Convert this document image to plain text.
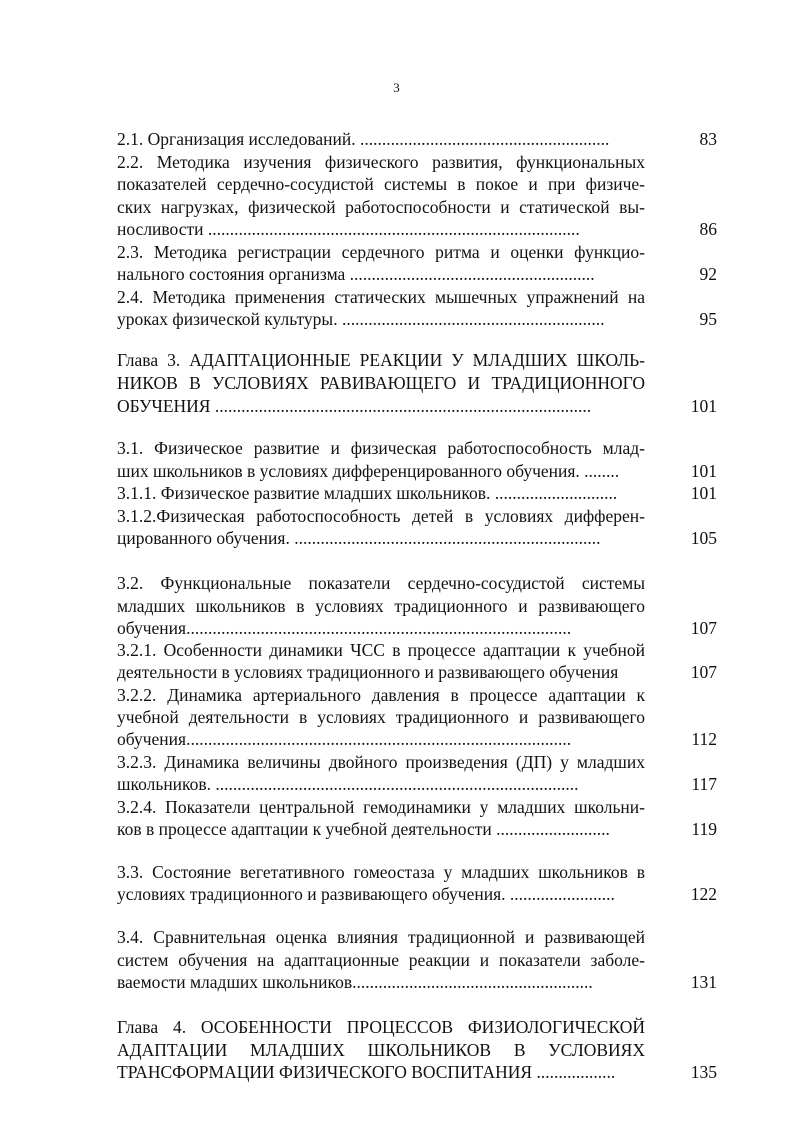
3
2.1. Организация исследований. .........................................................	83
2.2. Методика изучения физического развития, функциональных
показателей сердечно-сосудистой системы в покое и при физиче-
ских нагрузках, физической работоспособности и статической вы-
носливости .....................................................................................	86
2.3. Методика регистрации сердечного ритма и оценки функцио-
нального состояния организма ........................................................	92
2.4. Методика применения статических мышечных упражнений на
уроках физической культуры. ............................................................	95
Глава 3. АДАПТАЦИОННЫЕ РЕАКЦИИ У МЛАДШИХ ШКОЛЬ-
НИКОВ В УСЛОВИЯХ РАВИВАЮЩЕГО И ТРАДИЦИОННОГО
ОБУЧЕНИЯ ......................................................................................	101
3.1. Физическое развитие и физическая работоспособность млад-
ших школьников в условиях дифференцированного обучения. ........	101
3.1.1. Физическое развитие младших школьников. ............................	101
3.1.2.Физическая работоспособность детей в условиях дифферен-
цированного обучения. ......................................................................	105
3.2. Функциональные показатели сердечно-сосудистой системы
младших школьников в условиях традиционного и развивающего
обучения........................................................................................	107
3.2.1. Особенности динамики ЧСС в процессе адаптации к учебной
деятельности в условиях традиционного и развивающего обучения	107
3.2.2. Динамика артериального давления в процессе адаптации к
учебной деятельности в условиях традиционного и развивающего
обучения........................................................................................	112
3.2.3. Динамика величины двойного произведения (ДП) у младших
школьников. ...................................................................................	117
3.2.4. Показатели центральной гемодинамики у младших школьни-
ков в процессе адаптации к учебной деятельности ..........................	119
3.3. Состояние вегетативного гомеостаза у младших школьников в
условиях традиционного и развивающего обучения. ........................	122
3.4. Сравнительная оценка влияния традиционной и развивающей
систем обучения на адаптационные реакции и показатели заболе-
ваемости младших школьников.......................................................	131
Глава 4. ОСОБЕННОСТИ ПРОЦЕССОВ ФИЗИОЛОГИЧЕСКОЙ
АДАПТАЦИИ МЛАДШИХ ШКОЛЬНИКОВ В УСЛОВИЯХ
ТРАНСФОРМАЦИИ ФИЗИЧЕСКОГО ВОСПИТАНИЯ ..................	135
